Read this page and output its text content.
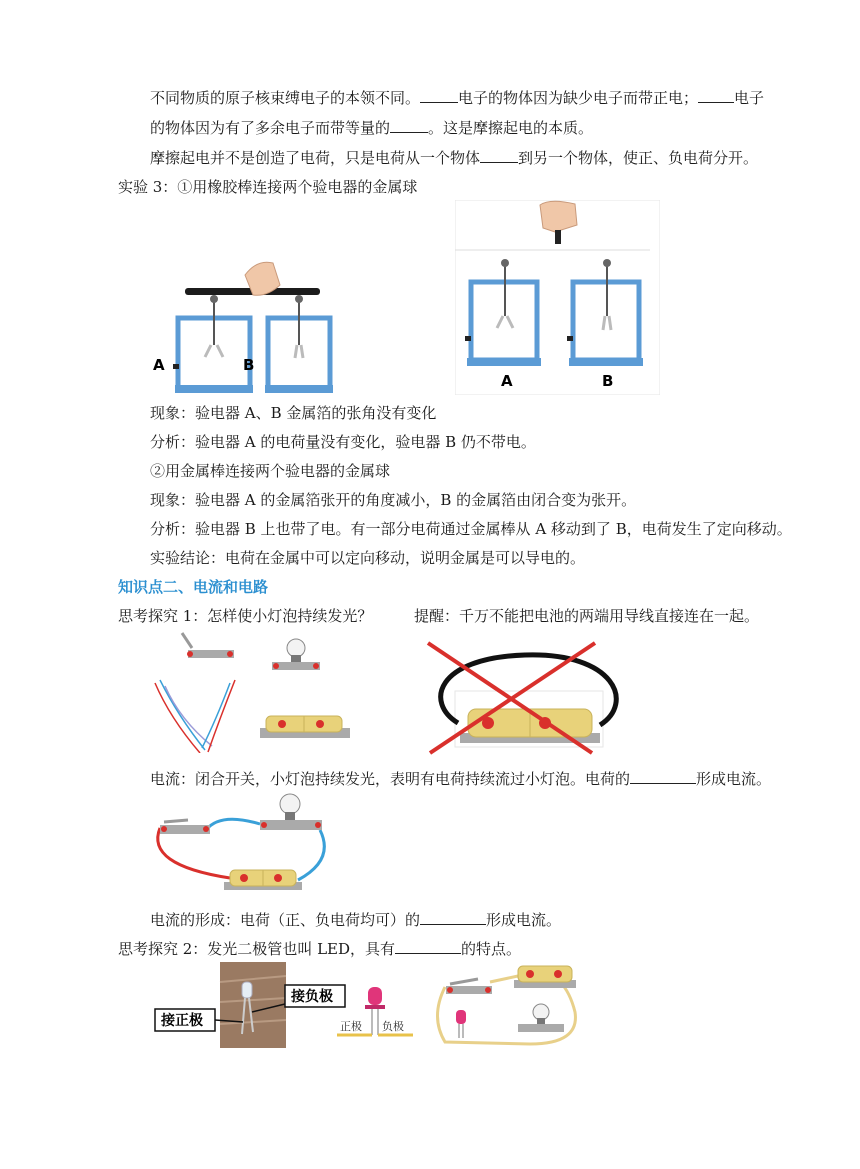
不同物质的原子核束缚电子的本领不同。	电子的物体因为缺少电子而带正电； 电子
的物体因为有了多余电子而带等量的	。这是摩擦起电的本质。
摩擦起电并不是创造了电荷，只是电荷从一个物体	到另一个物体，使正、负电荷分开。
实验 3：①用橡胶棒连接两个验电器的金属球
A	B
A	B
现象：验电器 A、B 金属箔的张角没有变化
分析：验电器 A 的电荷量没有变化，验电器 B 仍不带电。
②用金属棒连接两个验电器的金属球
现象：验电器 A 的金属箔张开的角度减小，B 的金属箔由闭合变为张开。
分析：验电器 B 上也带了电。有一部分电荷通过金属棒从 A 移动到了 B，电荷发生了定向移动。
实验结论：电荷在金属中可以定向移动，说明金属是可以导电的。
知识点二、电流和电路
思考探究 1：怎样使小灯泡持续发光？	提醒：千万不能把电池的两端用导线直接连在一起。
电流：闭合开关，小灯泡持续发光，表明有电荷持续流过小灯泡。电荷的	形成电流。
电流的形成：电荷（正、负电荷均可）的	形成电流。
思考探究 2：发光二极管也叫 LED，具有	的特点。
接负极
接正极	正极 负极
